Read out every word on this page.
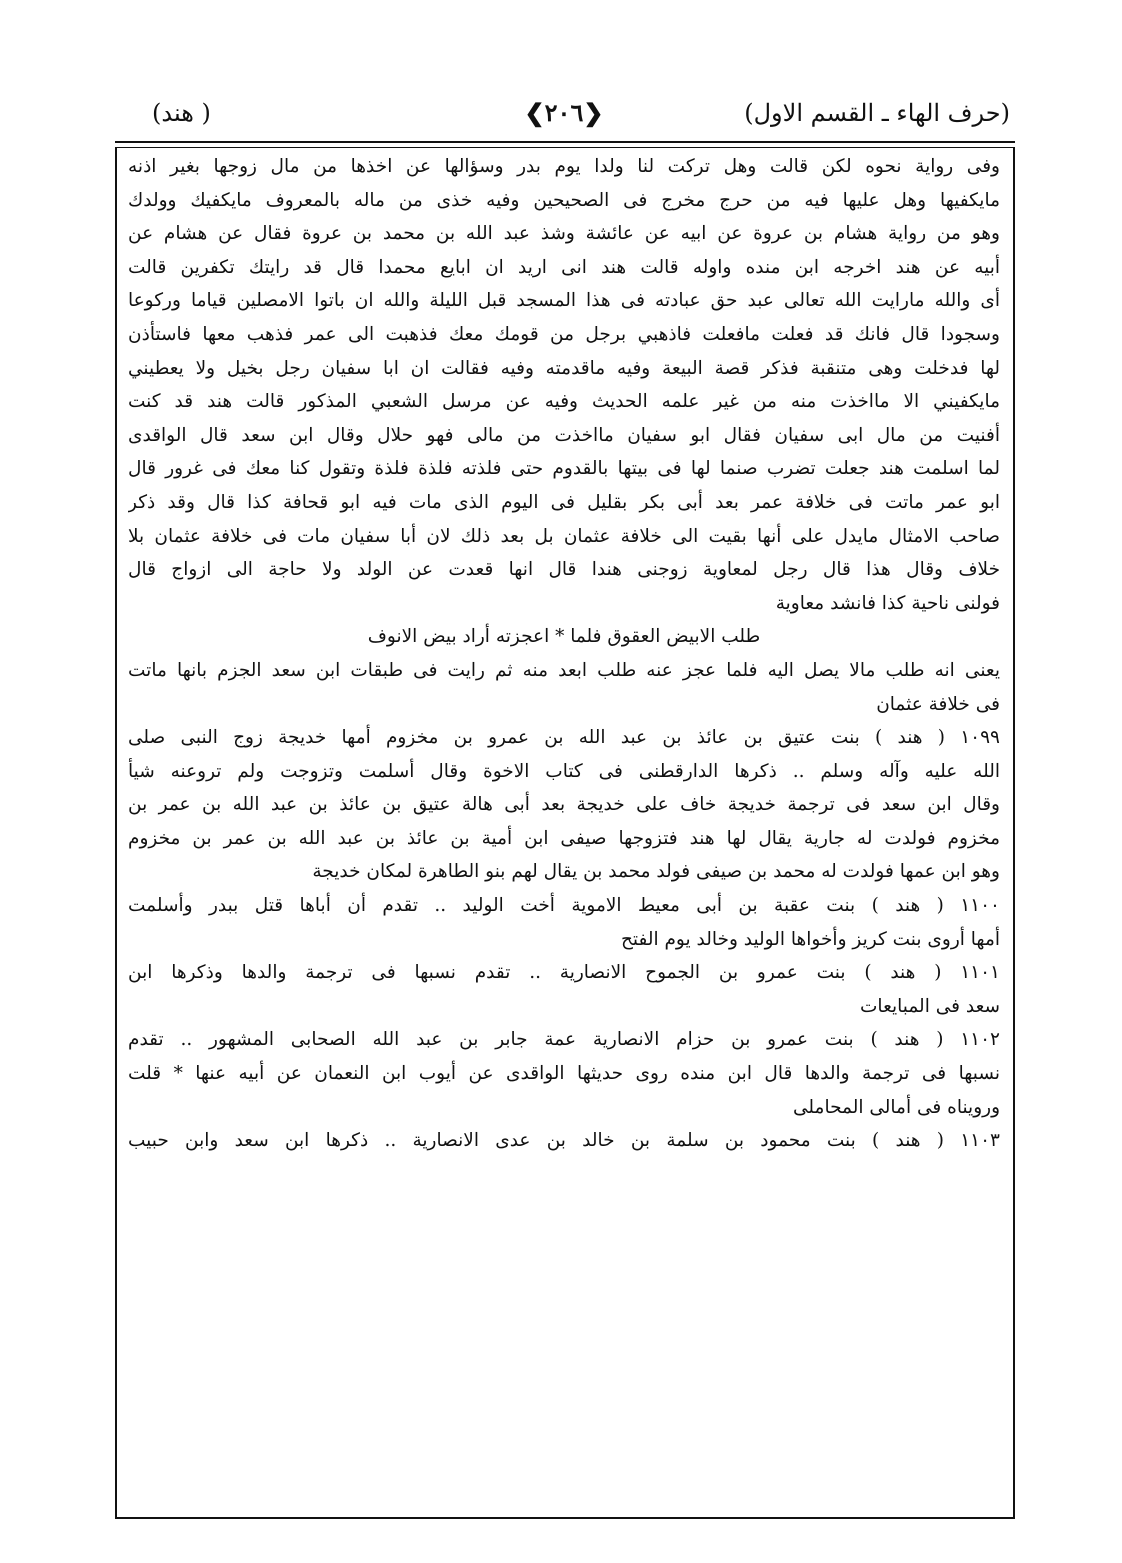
(حرف الهاء ـ القسم الاول)
❮٢٠٦❯
( هند)
وفى رواية نحوه لكن قالت وهل تركت لنا ولدا يوم بدر وسؤالها عن اخذها من مال زوجها بغير اذنه
مايكفيها وهل عليها فيه من حرج مخرج فى الصحيحين وفيه خذى من ماله بالمعروف مايكفيك وولدك
وهو من رواية هشام بن عروة عن ابيه عن عائشة وشذ عبد الله بن محمد بن عروة فقال عن هشام عن
أبيه عن هند اخرجه ابن منده واوله قالت هند انى اريد ان ابايع محمدا قال قد رايتك تكفرين قالت
أى والله مارايت الله تعالى عبد حق عبادته فى هذا المسجد قبل الليلة والله ان باتوا الامصلين قياما وركوعا
وسجودا قال فانك قد فعلت مافعلت فاذهبي برجل من قومك معك فذهبت الى عمر فذهب معها فاستأذن
لها فدخلت وهى متنقبة فذكر قصة البيعة وفيه ماقدمته وفيه فقالت ان ابا سفيان رجل بخيل ولا يعطيني
مايكفيني الا مااخذت منه من غير علمه الحديث وفيه عن مرسل الشعبي المذكور قالت هند قد كنت
أفنيت من مال ابى سفيان فقال ابو سفيان مااخذت من مالى فهو حلال وقال ابن سعد قال الواقدى
لما اسلمت هند جعلت تضرب صنما لها فى بيتها بالقدوم حتى فلذته فلذة فلذة وتقول كنا معك فى غرور قال
ابو عمر ماتت فى خلافة عمر بعد أبى بكر بقليل فى اليوم الذى مات فيه ابو قحافة كذا قال وقد ذكر
صاحب الامثال مايدل على أنها بقيت الى خلافة عثمان بل بعد ذلك لان أبا سفيان مات فى خلافة عثمان بلا
خلاف وقال هذا قال رجل لمعاوية زوجنى هندا قال انها قعدت عن الولد ولا حاجة الى ازواج قال
فولنى ناحية كذا فانشد معاوية
طلب الابيض العقوق فلما * اعجزته أراد بيض الانوف
يعنى انه طلب مالا يصل اليه فلما عجز عنه طلب ابعد منه ثم رايت فى طبقات ابن سعد الجزم بانها ماتت
فى خلافة عثمان
١٠٩٩ ( هند ) بنت عتيق بن عائذ بن عبد الله بن عمرو بن مخزوم أمها خديجة زوج النبى صلى
الله عليه وآله وسلم .. ذكرها الدارقطنى فى كتاب الاخوة وقال أسلمت وتزوجت ولم تروعنه شيأ
وقال ابن سعد فى ترجمة خديجة خاف على خديجة بعد أبى هالة عتيق بن عائذ بن عبد الله بن عمر بن
مخزوم فولدت له جارية يقال لها هند فتزوجها صيفى ابن أمية بن عائذ بن عبد الله بن عمر بن مخزوم
وهو ابن عمها فولدت له محمد بن صيفى فولد محمد بن يقال لهم بنو الطاهرة لمكان خديجة
١١٠٠ ( هند ) بنت عقبة بن أبى معيط الاموية أخت الوليد .. تقدم أن أباها قتل ببدر وأسلمت
أمها أروى بنت كريز وأخواها الوليد وخالد يوم الفتح
١١٠١ ( هند ) بنت عمرو بن الجموح الانصارية .. تقدم نسبها فى ترجمة والدها وذكرها ابن
سعد فى المبايعات
١١٠٢ ( هند ) بنت عمرو بن حزام الانصارية عمة جابر بن عبد الله الصحابى المشهور .. تقدم
نسبها فى ترجمة والدها قال ابن منده روى حديثها الواقدى عن أيوب ابن النعمان عن أبيه عنها * قلت
ورويناه فى أمالى المحاملى
١١٠٣ ( هند ) بنت محمود بن سلمة بن خالد بن عدى الانصارية .. ذكرها ابن سعد وابن حبيب
